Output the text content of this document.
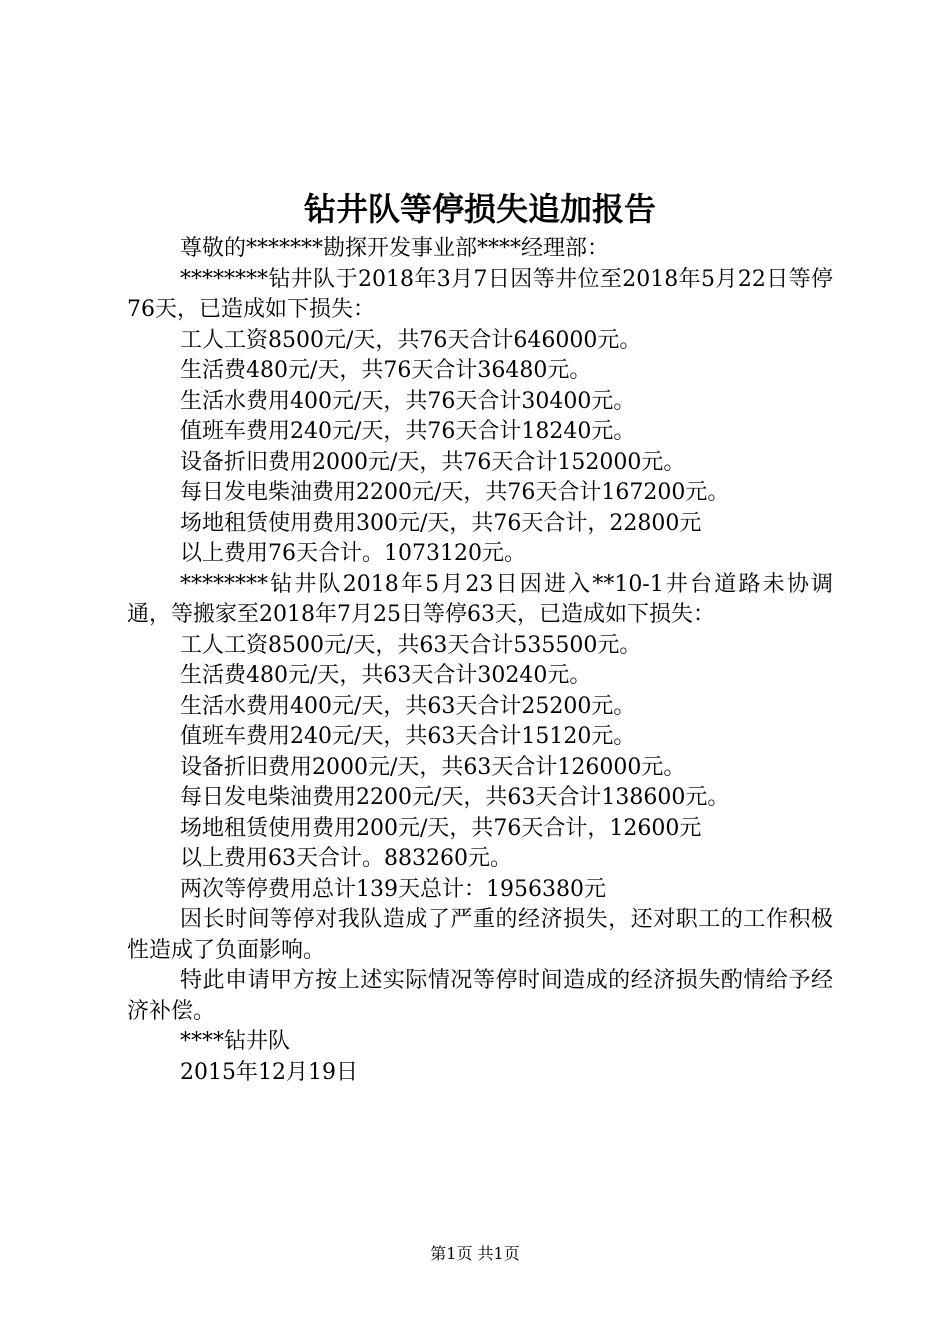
钻井队等停损失追加报告

尊敬的*******勘探开发事业部****经理部：

********钻井队于2018年3月7日因等井位至2018年5月22日等停76天，已造成如下损失：

工人工资8500元/天，共76天合计646000元。

生活费480元/天，共76天合计36480元。

生活水费用400元/天，共76天合计30400元。

值班车费用240元/天，共76天合计18240元。

设备折旧费用2000元/天，共76天合计152000元。

每日发电柴油费用2200元/天，共76天合计167200元。

场地租赁使用费用300元/天，共76天合计，22800元

以上费用76天合计。1073120元。

********钻井队2018年5月23日因进入**10-1井台道路未协调通，等搬家至2018年7月25日等停63天，已造成如下损失：

工人工资8500元/天，共63天合计535500元。

生活费480元/天，共63天合计30240元。

生活水费用400元/天，共63天合计25200元。

值班车费用240元/天，共63天合计15120元。

设备折旧费用2000元/天，共63天合计126000元。

每日发电柴油费用2200元/天，共63天合计138600元。

场地租赁使用费用200元/天，共76天合计，12600元

以上费用63天合计。883260元。

两次等停费用总计139天总计：1956380元

因长时间等停对我队造成了严重的经济损失，还对职工的工作积极性造成了负面影响。

特此申请甲方按上述实际情况等停时间造成的经济损失酌情给予经济补偿。

****钻井队

2015年12月19日

第1页 共1页
